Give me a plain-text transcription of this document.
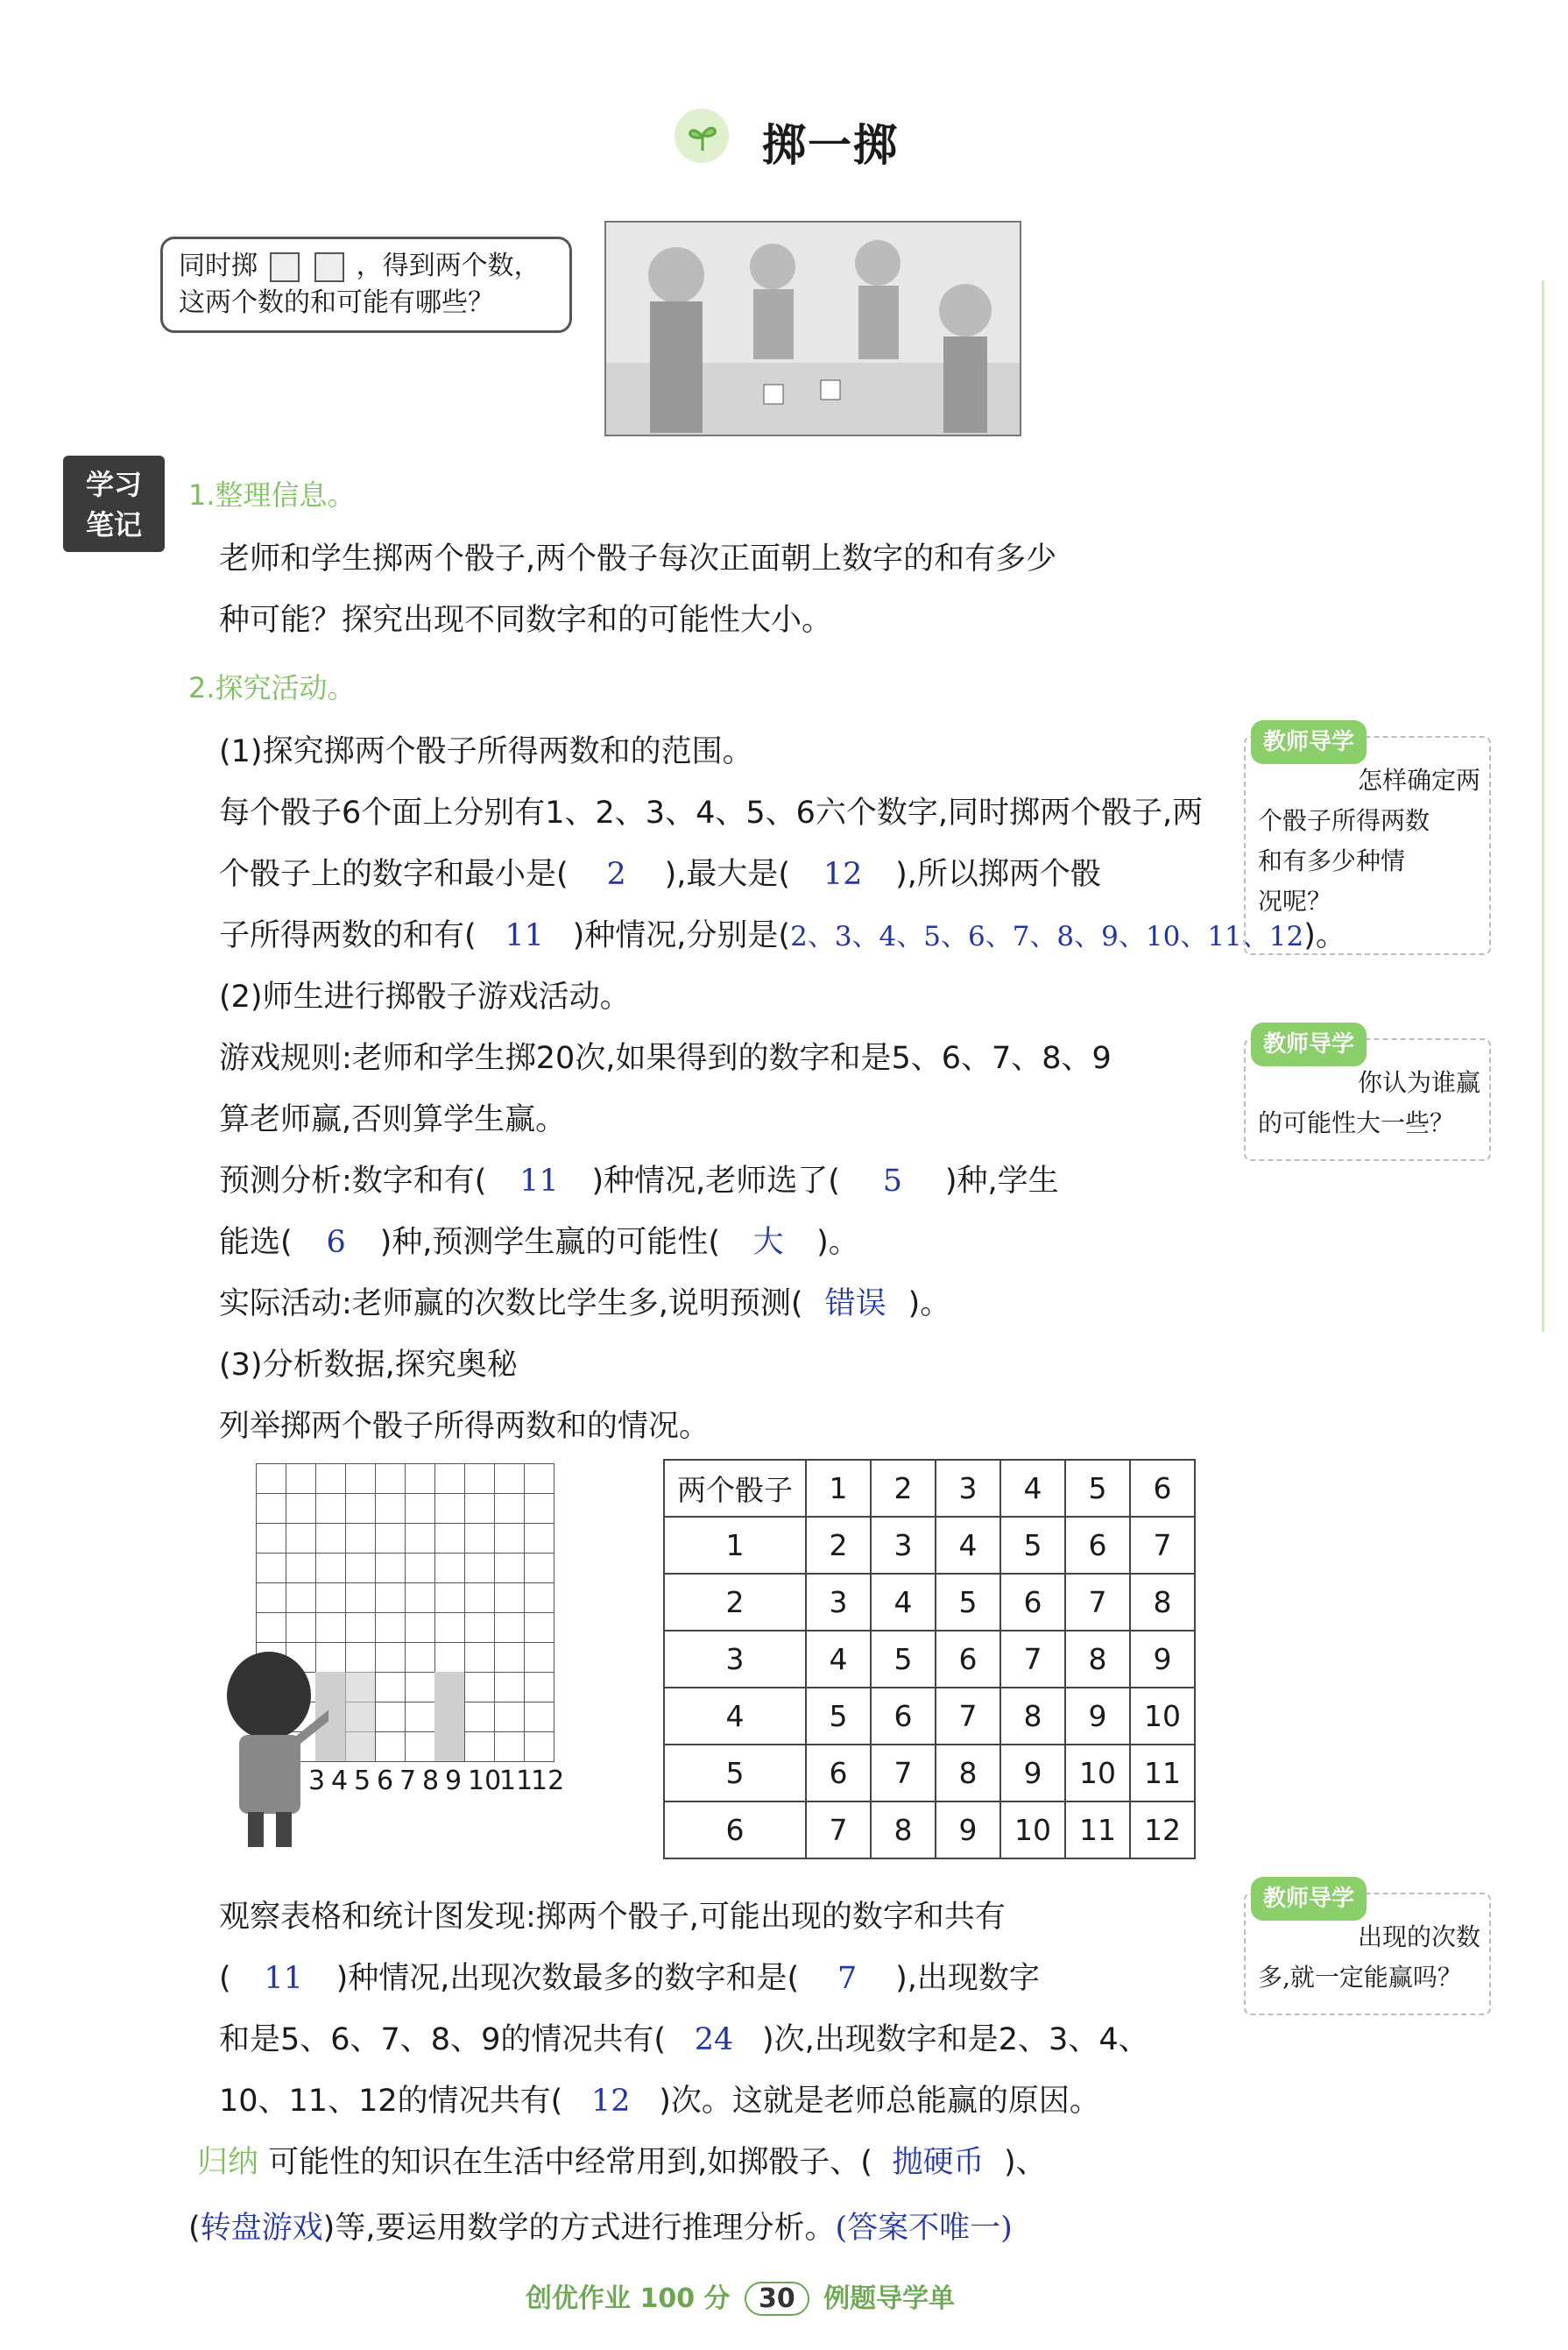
掷一掷
同时掷	，得到两个数，
这两个数的和可能有哪些？
学习
笔记
1.整理信息。
老师和学生掷两个骰子,两个骰子每次正面朝上数字的和有多少
种可能？探究出现不同数字和的可能性大小。
2.探究活动。
(1)探究掷两个骰子所得两数和的范围。
每个骰子6个面上分别有1、2、3、4、5、6六个数字,同时掷两个骰子,两
个骰子上的数字和最小是( 2 ),最大是( 12 ),所以掷两个骰
子所得两数的和有( 11 )种情况,分别是(2、3、4、5、6、7、8、9、10、11、12)。
(2)师生进行掷骰子游戏活动。
游戏规则:老师和学生掷20次,如果得到的数字和是5、6、7、8、9
算老师赢,否则算学生赢。
预测分析:数字和有( 11 )种情况,老师选了( 5 )种,学生
能选( 6 )种,预测学生赢的可能性( 大 )。
实际活动:老师赢的次数比学生多,说明预测( 错误 )。
(3)分析数据,探究奥秘
列举掷两个骰子所得两数和的情况。
3 4 5 6 7 8 9 10
11
12
两个骰子	1	2	3	4	5	6
1	2	3	4	5	6	7
2	3	4	5	6	7	8
3	4	5	6	7	8	9
4	5	6	7	8	9	10
5	6	7	8	9	10	11
6	7	8	9	10	11	12
观察表格和统计图发现:掷两个骰子,可能出现的数字和共有
( 11 )种情况,出现次数最多的数字和是( 7 ),出现数字
和是5、6、7、8、9的情况共有( 24 )次,出现数字和是2、3、4、
10、11、12的情况共有( 12 )次。这就是老师总能赢的原因。
归纳 可能性的知识在生活中经常用到,如掷骰子、( 抛硬币 )、
(转盘游戏)等,要运用数学的方式进行推理分析。(答案不唯一)
教师导学
怎样确定两
个骰子所得两数
和有多少种情
况呢？
教师导学
你认为谁赢
的可能性大一些？
教师导学
出现的次数
多,就一定能赢吗？
创优作业 100 分 30 例题导学单
